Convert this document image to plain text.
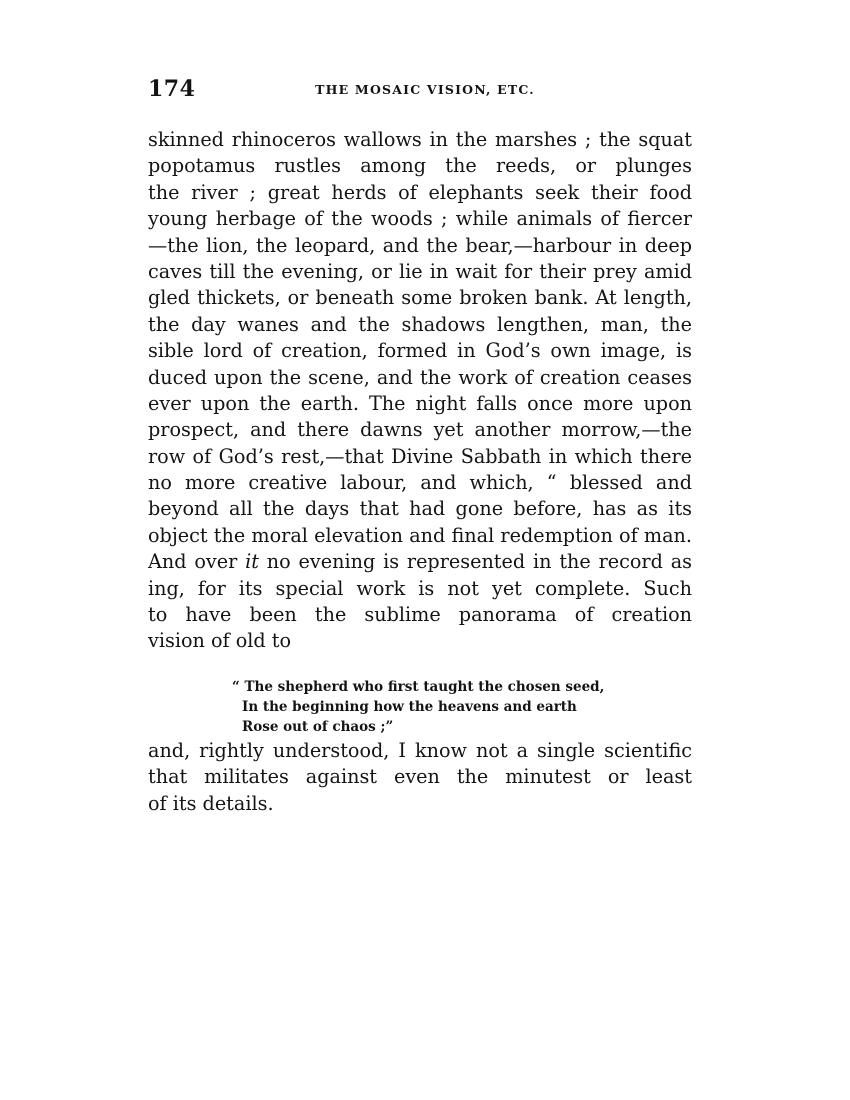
174	THE MOSAIC VISION, ETC.
skinned rhinoceros wallows in the marshes ; the squat
popotamus rustles among the reeds, or plunges
the river ; great herds of elephants seek their food
young herbage of the woods ; while animals of fiercer
—the lion, the leopard, and the bear,—harbour in deep
caves till the evening, or lie in wait for their prey amid
gled thickets, or beneath some broken bank. At length,
the day wanes and the shadows lengthen, man, the
sible lord of creation, formed in God’s own image, is
duced upon the scene, and the work of creation ceases
ever upon the earth. The night falls once more upon
prospect, and there dawns yet another morrow,—the
row of God’s rest,—that Divine Sabbath in which there
no more creative labour, and which, “ blessed and
beyond all the days that had gone before, has as its
object the moral elevation and final redemption of man.
And over it no evening is represented in the record as
ing, for its special work is not yet complete. Such
to have been the sublime panorama of creation
vision of old to
“ The shepherd who first taught the chosen seed,
In the beginning how the heavens and earth
Rose out of chaos ;”
and, rightly understood, I know not a single scientific
that militates against even the minutest or least
of its details.
